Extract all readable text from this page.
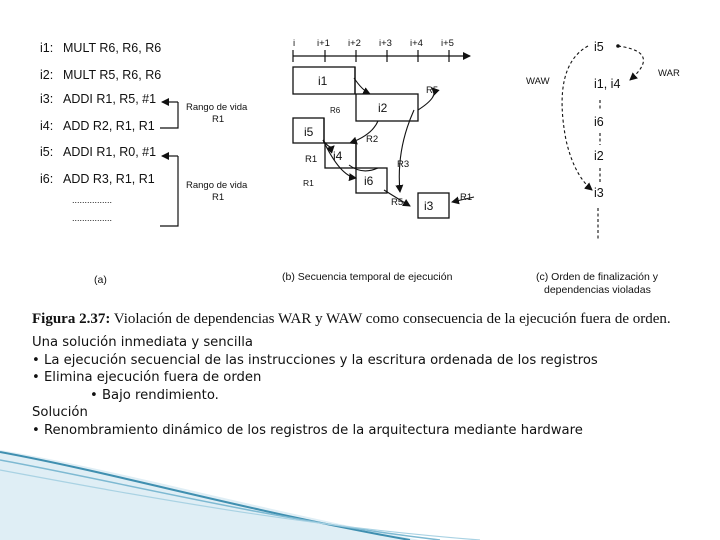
i1: MULT R6, R6, R6
i2: MULT R5, R6, R6
i3: ADDI R1, R5, #1
i4: ADD R2, R1, R1
i5: ADDI R1, R0, #1
i6: ADD R3, R1, R1
................
................
Rango de vida
R1
Rango de vida
R1
i i+1 i+2 i+3 i+4 i+5
i1
i2
i5
i4
i6
i3
R5
R6
R2
R1	R3
R1
R5	R1
i5
i1, i4
i6
i2
i3
WAW
WAR
(a)	(b) Secuencia temporal de ejecución	(c) Orden de finalización y
dependencias violadas
Figura 2.37: Violación de dependencias WAR y WAW como consecuencia de la ejecución fuera de orden.
Una solución inmediata y sencilla
• La ejecución secuencial de las instrucciones y la escritura ordenada de los registros
• Elimina ejecución fuera de orden
• Bajo rendimiento.
Solución
• Renombramiento dinámico de los registros de la arquitectura mediante hardware
